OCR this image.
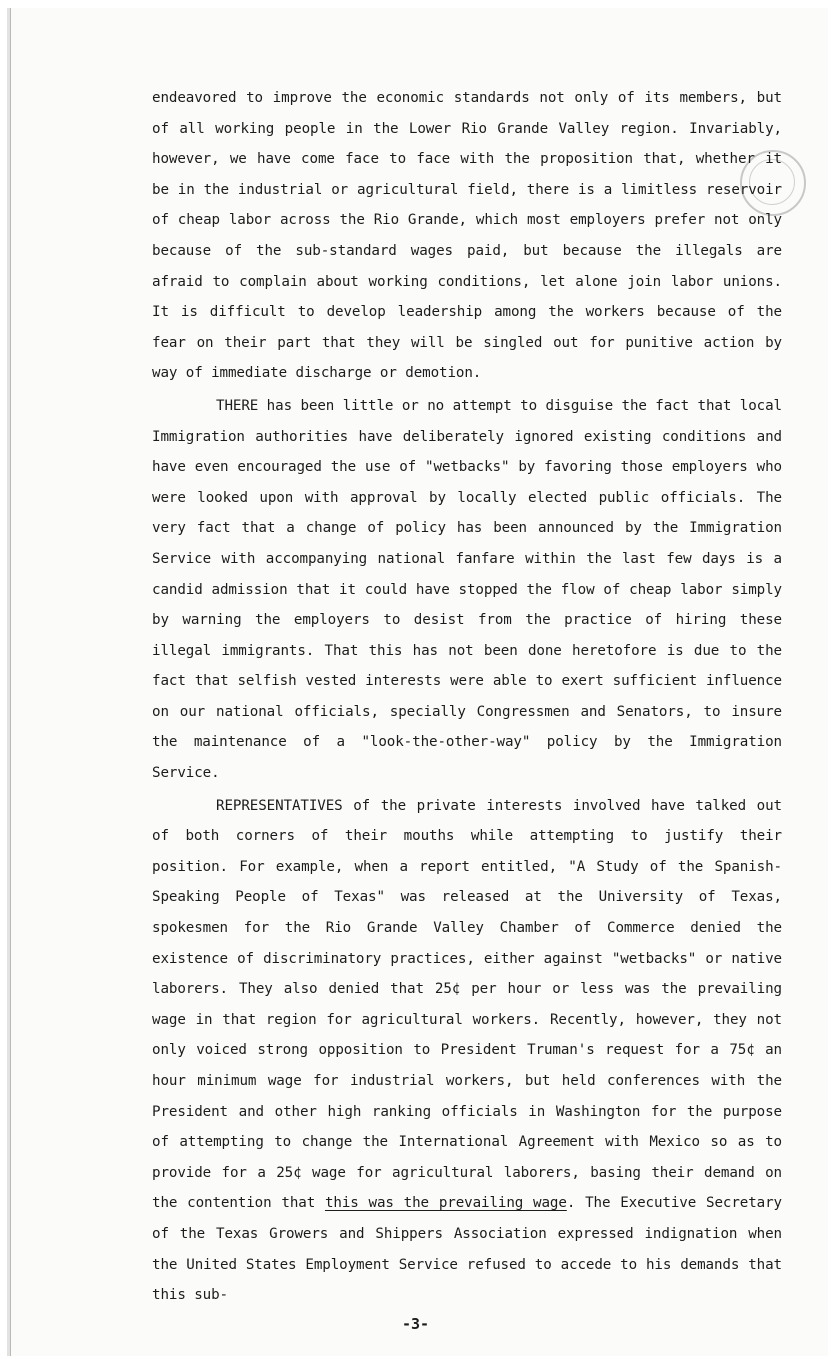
endeavored to improve the economic standards not only of its members, but of all working people in the Lower Rio Grande Valley region. Invariably, however, we have come face to face with the proposition that, whether it be in the industrial or agricultural field, there is a limitless reservoir of cheap labor across the Rio Grande, which most employers prefer not only because of the sub-standard wages paid, but because the illegals are afraid to complain about working conditions, let alone join labor unions. It is difficult to develop leadership among the workers because of the fear on their part that they will be singled out for punitive action by way of immediate discharge or demotion.

THERE has been little or no attempt to disguise the fact that local Immigration authorities have deliberately ignored existing conditions and have even encouraged the use of "wetbacks" by favoring those employers who were looked upon with approval by locally elected public officials. The very fact that a change of policy has been announced by the Immigration Service with accompanying national fanfare within the last few days is a candid admission that it could have stopped the flow of cheap labor simply by warning the employers to desist from the practice of hiring these illegal immigrants. That this has not been done heretofore is due to the fact that selfish vested interests were able to exert sufficient influence on our national officials, specially Congressmen and Senators, to insure the maintenance of a "look-the-other-way" policy by the Immigration Service.

REPRESENTATIVES of the private interests involved have talked out of both corners of their mouths while attempting to justify their position. For example, when a report entitled, "A Study of the Spanish-Speaking People of Texas" was released at the University of Texas, spokesmen for the Rio Grande Valley Chamber of Commerce denied the existence of discriminatory practices, either against "wetbacks" or native laborers. They also denied that 25¢ per hour or less was the prevailing wage in that region for agricultural workers. Recently, however, they not only voiced strong opposition to President Truman's request for a 75¢ an hour minimum wage for industrial workers, but held conferences with the President and other high ranking officials in Washington for the purpose of attempting to change the International Agreement with Mexico so as to provide for a 25¢ wage for agricultural laborers, basing their demand on the contention that this was the prevailing wage. The Executive Secretary of the Texas Growers and Shippers Association expressed indignation when the United States Employment Service refused to accede to his demands that this sub-

-3-
